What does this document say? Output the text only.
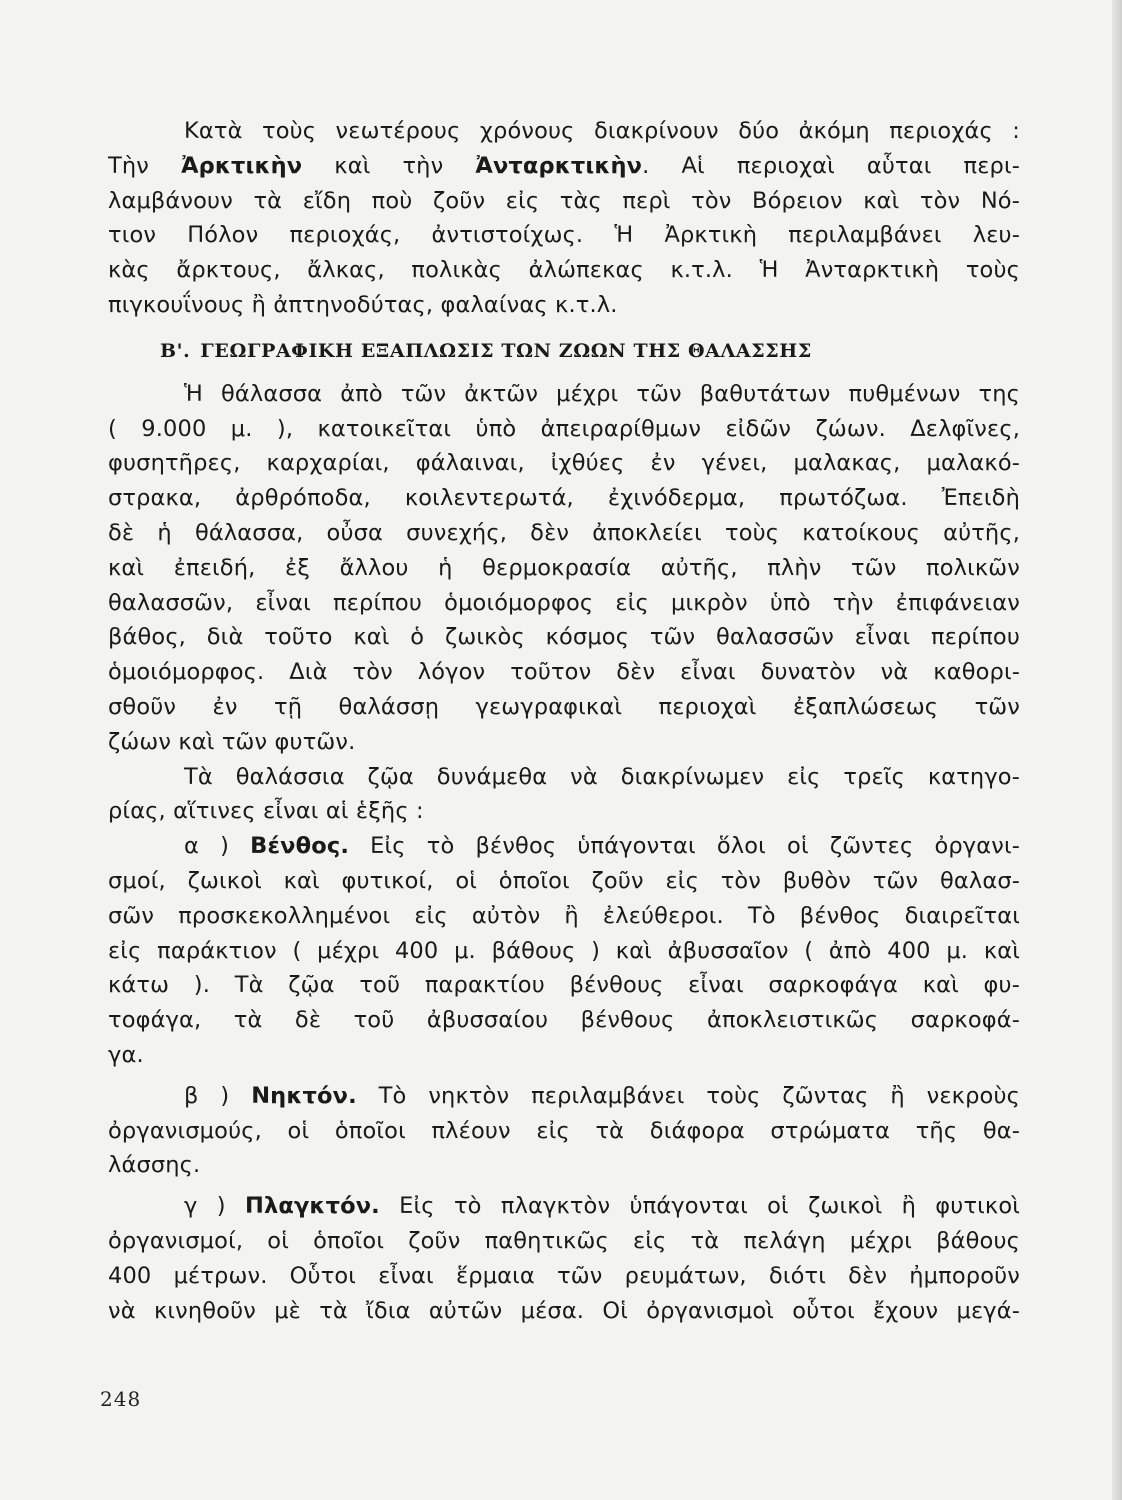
Κατὰ τοὺς νεωτέρους χρόνους διακρίνουν δύο ἀκόμη περιοχάς :
Τὴν Ἀρκτικὴν καὶ τὴν Ἀνταρκτικὴν. Αἱ περιοχαὶ αὗται περι-
λαμβάνουν τὰ εἴδη ποὺ ζοῦν εἰς τὰς περὶ τὸν Βόρειον καὶ τὸν Νό-
τιον Πόλον περιοχάς, ἀντιστοίχως. Ἡ Ἀρκτικὴ περιλαμβάνει λευ-
κὰς ἄρκτους, ἄλκας, πολικὰς ἀλώπεκας κ.τ.λ. Ἡ Ἀνταρκτικὴ τοὺς
πιγκουΐνους ἢ ἀπτηνοδύτας, φαλαίνας κ.τ.λ.
Β'. ΓΕΩΓΡΑΦΙΚΗ ΕΞΑΠΛΩΣΙΣ ΤΩΝ ΖΩΩΝ ΤΗΣ ΘΑΛΑΣΣΗΣ
Ἡ θάλασσα ἀπὸ τῶν ἀκτῶν μέχρι τῶν βαθυτάτων πυθμένων της
( 9.000 μ. ), κατοικεῖται ὑπὸ ἀπειραρίθμων εἰδῶν ζώων. Δελφῖνες,
φυσητῆρες, καρχαρίαι, φάλαιναι, ἰχθύες ἐν γένει, μαλακας, μαλακό-
στρακα, ἀρθρόποδα, κοιλεντερωτά, ἐχινόδερμα, πρωτόζωα. Ἐπειδὴ
δὲ ἡ θάλασσα, οὖσα συνεχής, δὲν ἀποκλείει τοὺς κατοίκους αὐτῆς,
καὶ ἐπειδή, ἐξ ἄλλου ἡ θερμοκρασία αὐτῆς, πλὴν τῶν πολικῶν
θαλασσῶν, εἶναι περίπου ὁμοιόμορφος εἰς μικρὸν ὑπὸ τὴν ἐπιφάνειαν
βάθος, διὰ τοῦτο καὶ ὁ ζωικὸς κόσμος τῶν θαλασσῶν εἶναι περίπου
ὁμοιόμορφος. Διὰ τὸν λόγον τοῦτον δὲν εἶναι δυνατὸν νὰ καθορι-
σθοῦν ἐν τῇ θαλάσσῃ γεωγραφικαὶ περιοχαὶ ἐξαπλώσεως τῶν
ζώων καὶ τῶν φυτῶν.
Τὰ θαλάσσια ζῷα δυνάμεθα νὰ διακρίνωμεν εἰς τρεῖς κατηγο-
ρίας, αἵτινες εἶναι αἱ ἑξῆς :
α ) Βένθος. Εἰς τὸ βένθος ὑπάγονται ὅλοι οἱ ζῶντες ὀργανι-
σμοί, ζωικοὶ καὶ φυτικοί, οἱ ὁποῖοι ζοῦν εἰς τὸν βυθὸν τῶν θαλασ-
σῶν προσκεκολλημένοι εἰς αὐτὸν ἢ ἐλεύθεροι. Τὸ βένθος διαιρεῖται
εἰς παράκτιον ( μέχρι 400 μ. βάθους ) καὶ ἀβυσσαῖον ( ἀπὸ 400 μ. καὶ
κάτω ). Τὰ ζῷα τοῦ παρακτίου βένθους εἶναι σαρκοφάγα καὶ φυ-
τοφάγα, τὰ δὲ τοῦ ἀβυσσαίου βένθους ἀποκλειστικῶς σαρκοφά-
γα.
β ) Νηκτόν. Τὸ νηκτὸν περιλαμβάνει τοὺς ζῶντας ἢ νεκροὺς
ὀργανισμούς, οἱ ὁποῖοι πλέουν εἰς τὰ διάφορα στρώματα τῆς θα-
λάσσης.
γ ) Πλαγκτόν. Εἰς τὸ πλαγκτὸν ὑπάγονται οἱ ζωικοὶ ἢ φυτικοὶ
ὀργανισμοί, οἱ ὁποῖοι ζοῦν παθητικῶς εἰς τὰ πελάγη μέχρι βάθους
400 μέτρων. Οὗτοι εἶναι ἕρμαια τῶν ρευμάτων, διότι δὲν ἠμποροῦν
νὰ κινηθοῦν μὲ τὰ ἴδια αὐτῶν μέσα. Οἱ ὀργανισμοὶ οὗτοι ἔχουν μεγά-
248
